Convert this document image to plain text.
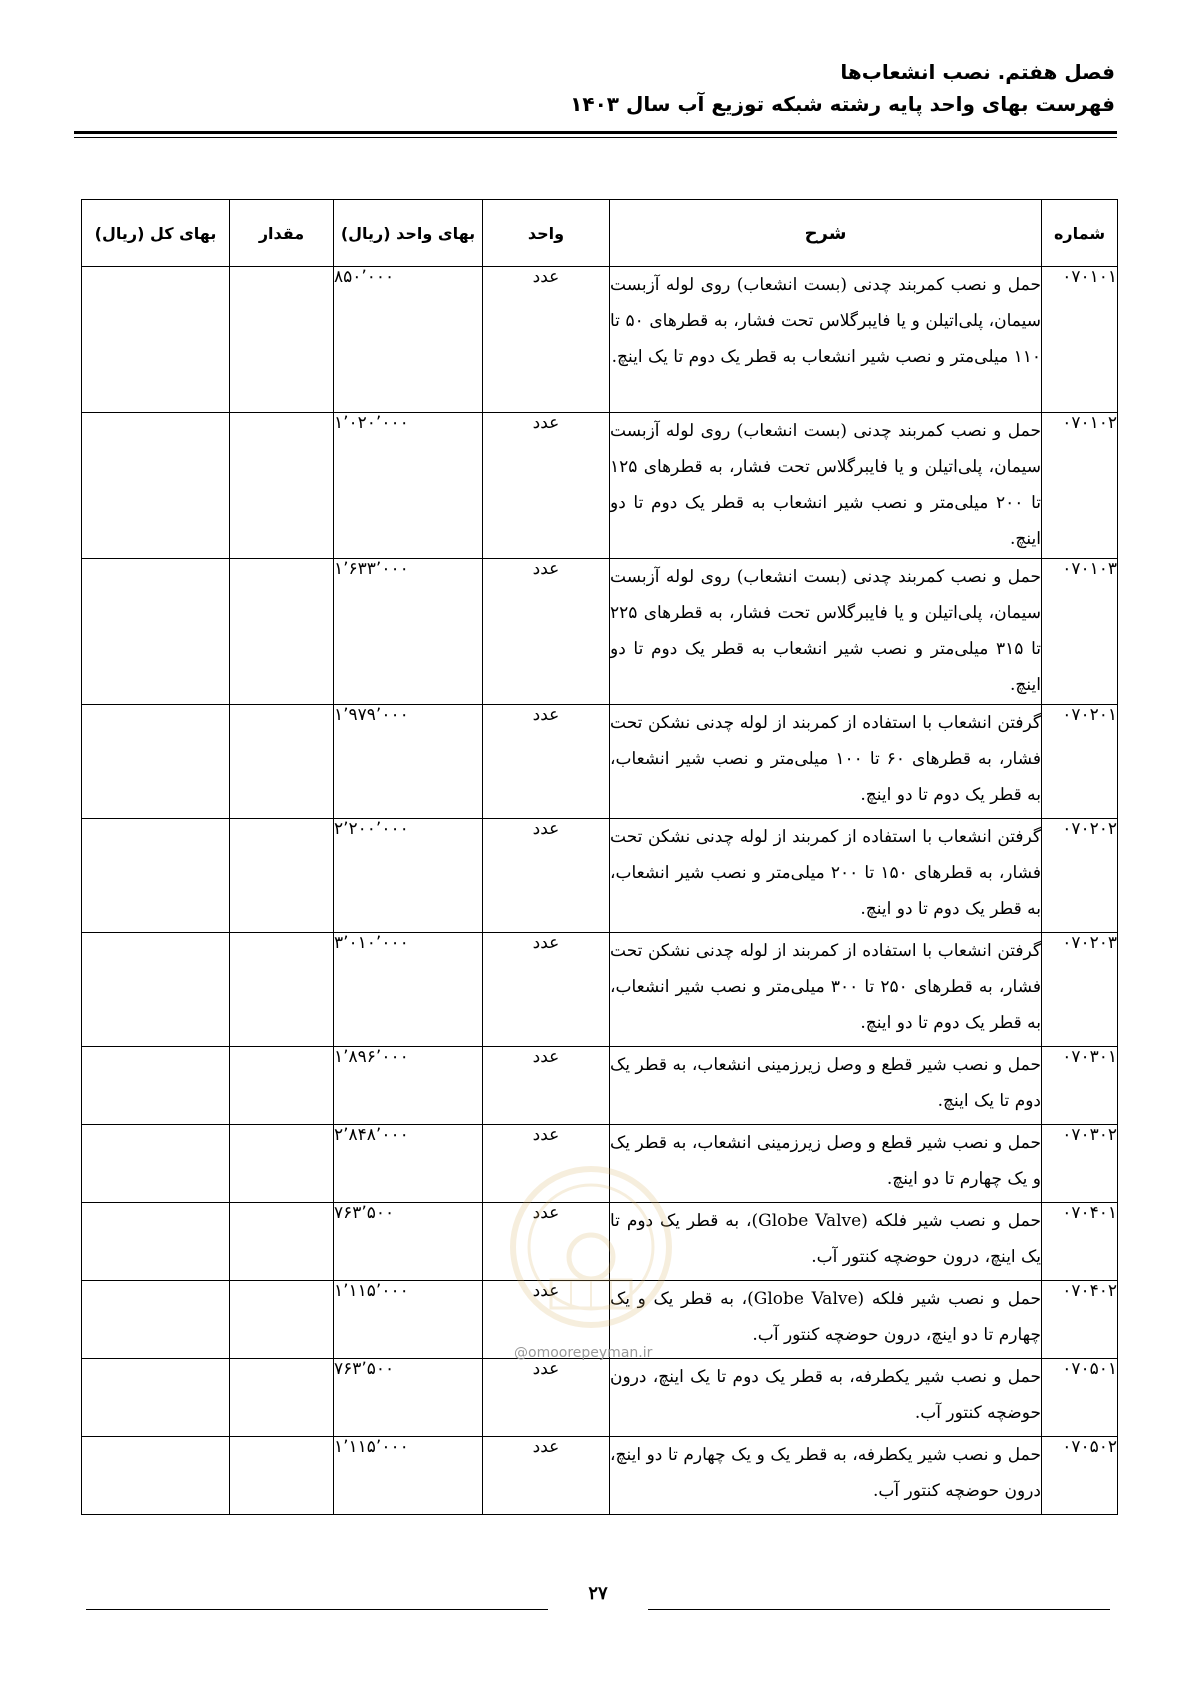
فصل هفتم. نصب انشعاب‌ها
فهرست بهای واحد پایه رشته شبکه توزیع آب سال ۱۴۰۳
شماره	شرح	واحد	بهای واحد (ریال)	مقدار	بهای کل (ریال)
۰۷۰۱۰۱	حمل و نصب کمربند چدنی (بست انشعاب) روی لوله آزبست سیمان، پلی‌اتیلن و یا فایبرگلاس تحت فشار، به قطرهای ۵۰ تا ۱۱۰ میلی‌متر و نصب شیر انشعاب به قطر یک دوم تا یک اینچ.	عدد	۸۵۰٬۰۰۰		
۰۷۰۱۰۲	حمل و نصب کمربند چدنی (بست انشعاب) روی لوله آزبست سیمان، پلی‌اتیلن و یا فایبرگلاس تحت فشار، به قطرهای ۱۲۵ تا ۲۰۰ میلی‌متر و نصب شیر انشعاب به قطر یک دوم تا دو اینچ.	عدد	۱٬۰۲۰٬۰۰۰		
۰۷۰۱۰۳	حمل و نصب کمربند چدنی (بست انشعاب) روی لوله آزبست سیمان، پلی‌اتیلن و یا فایبرگلاس تحت فشار، به قطرهای ۲۲۵ تا ۳۱۵ میلی‌متر و نصب شیر انشعاب به قطر یک دوم تا دو اینچ.	عدد	۱٬۶۳۳٬۰۰۰		
۰۷۰۲۰۱	گرفتن انشعاب با استفاده از کمربند از لوله چدنی نشکن تحت فشار، به قطرهای ۶۰ تا ۱۰۰ میلی‌متر و نصب شیر انشعاب، به قطر یک دوم تا دو اینچ.	عدد	۱٬۹۷۹٬۰۰۰		
۰۷۰۲۰۲	گرفتن انشعاب با استفاده از کمربند از لوله چدنی نشکن تحت فشار، به قطرهای ۱۵۰ تا ۲۰۰ میلی‌متر و نصب شیر انشعاب، به قطر یک دوم تا دو اینچ.	عدد	۲٬۲۰۰٬۰۰۰		
۰۷۰۲۰۳	گرفتن انشعاب با استفاده از کمربند از لوله چدنی نشکن تحت فشار، به قطرهای ۲۵۰ تا ۳۰۰ میلی‌متر و نصب شیر انشعاب، به قطر یک دوم تا دو اینچ.	عدد	۳٬۰۱۰٬۰۰۰		
۰۷۰۳۰۱	حمل و نصب شیر قطع و وصل زیرزمینی انشعاب، به قطر یک دوم تا یک اینچ.	عدد	۱٬۸۹۶٬۰۰۰		
۰۷۰۳۰۲	حمل و نصب شیر قطع و وصل زیرزمینی انشعاب، به قطر یک و یک چهارم تا دو اینچ.	عدد	۲٬۸۴۸٬۰۰۰		
۰۷۰۴۰۱	حمل و نصب شیر فلکه (Globe Valve)، به قطر یک دوم تا یک اینچ، درون حوضچه کنتور آب.	عدد	۷۶۳٬۵۰۰		
۰۷۰۴۰۲	حمل و نصب شیر فلکه (Globe Valve)، به قطر یک و یک چهارم تا دو اینچ، درون حوضچه کنتور آب.	عدد	۱٬۱۱۵٬۰۰۰		
۰۷۰۵۰۱	حمل و نصب شیر یکطرفه، به قطر یک دوم تا یک اینچ، درون حوضچه کنتور آب.	عدد	۷۶۳٬۵۰۰		
۰۷۰۵۰۲	حمل و نصب شیر یکطرفه، به قطر یک و یک چهارم تا دو اینچ، درون حوضچه کنتور آب.	عدد	۱٬۱۱۵٬۰۰۰		
@omoorepeyman.ir
۲۷
